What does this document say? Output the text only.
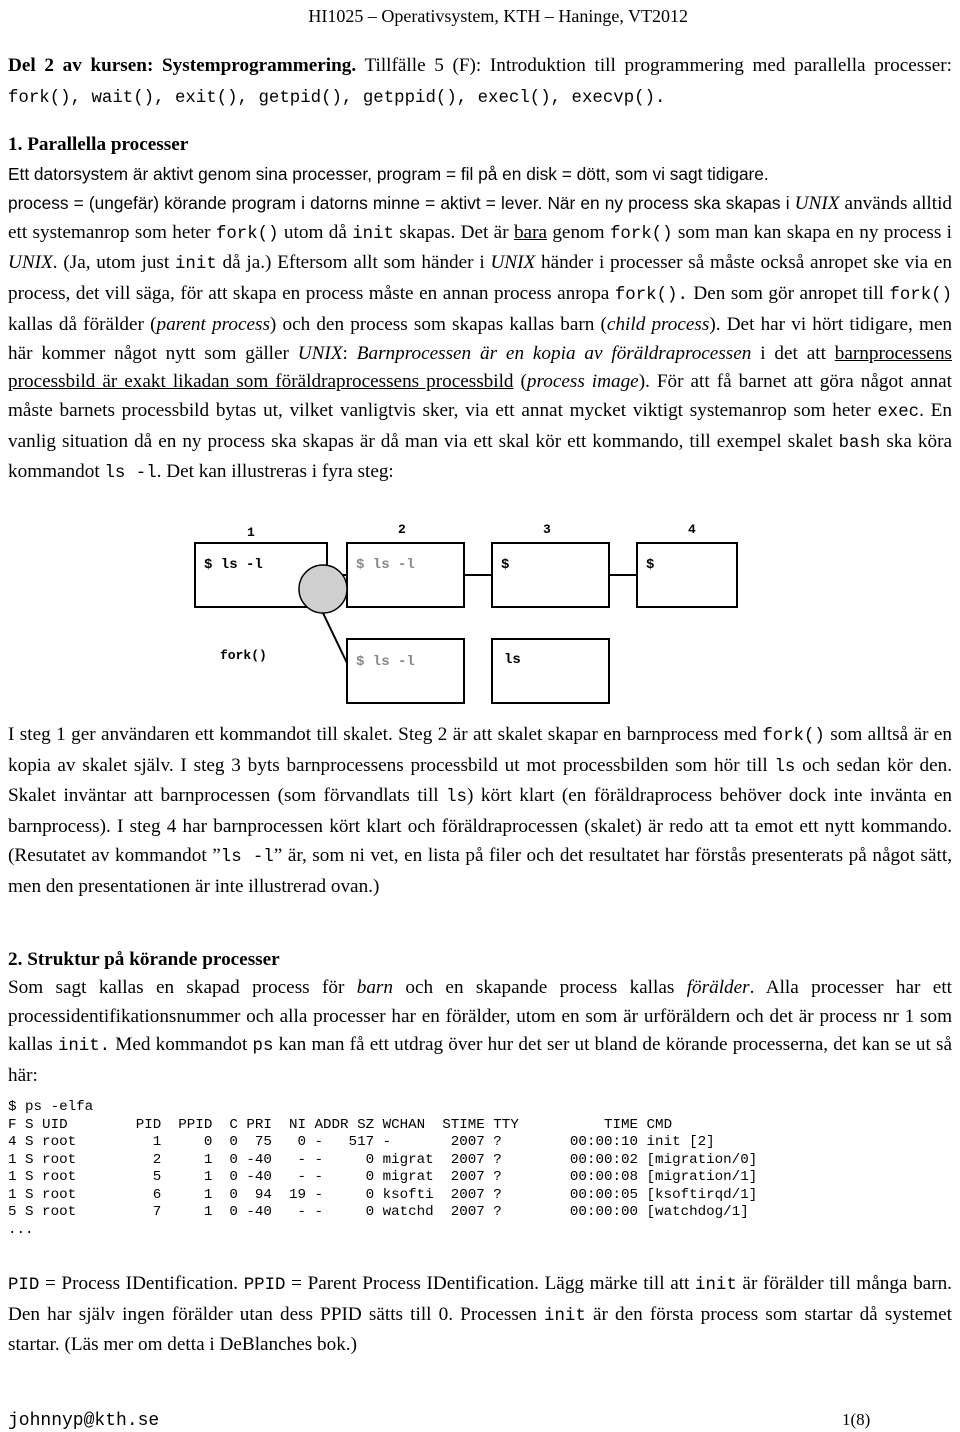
HI1025 – Operativsystem, KTH – Haninge, VT2012
Del 2 av kursen: Systemprogrammering. Tillfälle 5 (F): Introduktion till programmering med parallella processer: fork(), wait(), exit(), getpid(), getppid(), execl(), execvp().
1. Parallella processer
Ett datorsystem är aktivt genom sina processer, program = fil på en disk = dött, som vi sagt tidigare.
process = (ungefär) körande program i datorns minne = aktivt = lever. När en ny process ska skapas i UNIX används alltid ett systemanrop som heter fork() utom då init skapas. Det är bara genom fork() som man kan skapa en ny process i UNIX. (Ja, utom just init då ja.) Eftersom allt som händer i UNIX händer i processer så måste också anropet ske via en process, det vill säga, för att skapa en process måste en annan process anropa fork(). Den som gör anropet till fork() kallas då förälder (parent process) och den process som skapas kallas barn (child process). Det har vi hört tidigare, men här kommer något nytt som gäller UNIX: Barnprocessen är en kopia av föräldraprocessen i det att barnprocessens processbild är exakt likadan som föräldraprocessens processbild (process image). För att få barnet att göra något annat måste barnets processbild bytas ut, vilket vanligtvis sker, via ett annat mycket viktigt systemanrop som heter exec. En vanlig situation då en ny process ska skapas är då man via ett skal kör ett kommando, till exempel skalet bash ska köra kommandot ls -l. Det kan illustreras i fyra steg:
1	2	3	4
$ ls -l	$ ls -l
$ ls -l
fork()
$
ls
$
I steg 1 ger användaren ett kommandot till skalet. Steg 2 är att skalet skapar en barnprocess med fork() som alltså är en kopia av skalet själv. I steg 3 byts barnprocessens processbild ut mot processbilden som hör till ls och sedan kör den. Skalet inväntar att barnprocessen (som förvandlats till ls) kört klart (en föräldraprocess behöver dock inte invänta en barnprocess). I steg 4 har barnprocessen kört klart och föräldraprocessen (skalet) är redo att ta emot ett nytt kommando. (Resutatet av kommandot ”ls -l” är, som ni vet, en lista på filer och det resultatet har förstås presenterats på något sätt, men den presentationen är inte illustrerad ovan.)
2. Struktur på körande processer
Som sagt kallas en skapad process för barn och en skapande process kallas förälder. Alla processer har ett processidentifikationsnummer och alla processer har en förälder, utom en som är urföräldern och det är process nr 1 som kallas init. Med kommandot ps kan man få ett utdrag över hur det ser ut bland de körande processerna, det kan se ut så här:
$ ps -elfa
F S UID        PID  PPID  C PRI  NI ADDR SZ WCHAN  STIME TTY          TIME CMD
4 S root         1     0  0  75   0 -   517 -       2007 ?        00:00:10 init [2]
1 S root         2     1  0 -40   - -     0 migrat  2007 ?        00:00:02 [migration/0]
1 S root         5     1  0 -40   - -     0 migrat  2007 ?        00:00:08 [migration/1]
1 S root         6     1  0  94  19 -     0 ksofti  2007 ?        00:00:05 [ksoftirqd/1]
5 S root         7     1  0 -40   - -     0 watchd  2007 ?        00:00:00 [watchdog/1]
...
PID = Process IDentification. PPID = Parent Process IDentification. Lägg märke till att init är förälder till många barn. Den har själv ingen förälder utan dess PPID sätts till 0. Processen init är den första process som startar då systemet startar. (Läs mer om detta i DeBlanches bok.)
johnnyp@kth.se	1(8)
